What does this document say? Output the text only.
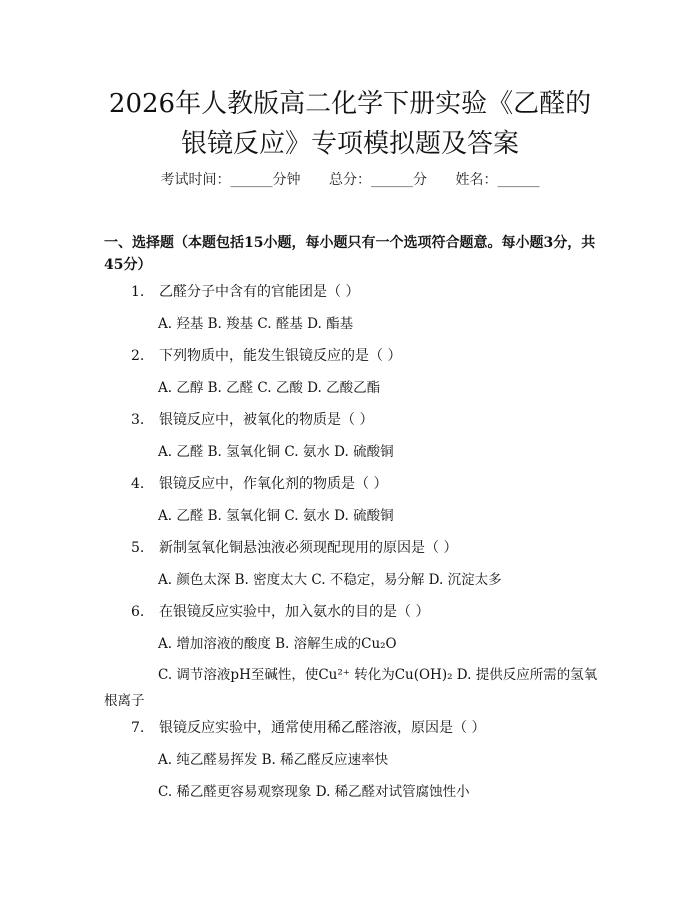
2026年人教版高二化学下册实验《乙醛的银镜反应》专项模拟题及答案
考试时间：______分钟 总分：______分 姓名：______
一、选择题（本题包括15小题，每小题只有一个选项符合题意。每小题3分，共45分）
1. 乙醛分子中含有的官能团是（ ）
A. 羟基 B. 羧基 C. 醛基 D. 酯基
2. 下列物质中，能发生银镜反应的是（ ）
A. 乙醇 B. 乙醛 C. 乙酸 D. 乙酸乙酯
3. 银镜反应中，被氧化的物质是（ ）
A. 乙醛 B. 氢氧化铜 C. 氨水 D. 硫酸铜
4. 银镜反应中，作氧化剂的物质是（ ）
A. 乙醛 B. 氢氧化铜 C. 氨水 D. 硫酸铜
5. 新制氢氧化铜悬浊液必须现配现用的原因是（ ）
A. 颜色太深 B. 密度太大 C. 不稳定，易分解 D. 沉淀太多
6. 在银镜反应实验中，加入氨水的目的是（ ）
A. 增加溶液的酸度 B. 溶解生成的Cu₂O
C. 调节溶液pH至碱性，使Cu²⁺ 转化为Cu(OH)₂ D. 提供反应所需的氢氧根离子
7. 银镜反应实验中，通常使用稀乙醛溶液，原因是（ ）
A. 纯乙醛易挥发 B. 稀乙醛反应速率快
C. 稀乙醛更容易观察现象 D. 稀乙醛对试管腐蚀性小
